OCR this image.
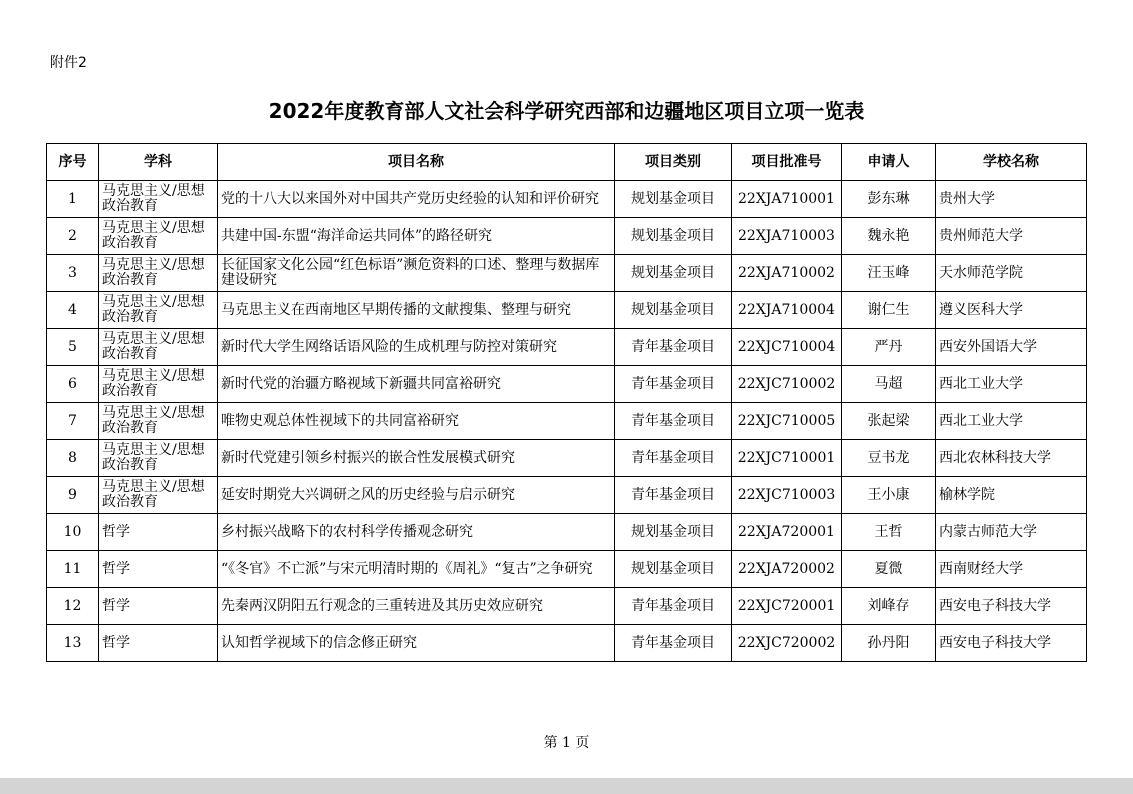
附件2
2022年度教育部人文社会科学研究西部和边疆地区项目立项一览表
序号	学科	项目名称	项目类别	项目批准号	申请人	学校名称
1	马克思主义/思想政治教育	党的十八大以来国外对中国共产党历史经验的认知和评价研究	规划基金项目	22XJA710001	彭东琳	贵州大学
2	马克思主义/思想政治教育	共建中国-东盟“海洋命运共同体”的路径研究	规划基金项目	22XJA710003	魏永艳	贵州师范大学
3	马克思主义/思想政治教育	长征国家文化公园“红色标语”濒危资料的口述、整理与数据库建设研究	规划基金项目	22XJA710002	汪玉峰	天水师范学院
4	马克思主义/思想政治教育	马克思主义在西南地区早期传播的文献搜集、整理与研究	规划基金项目	22XJA710004	谢仁生	遵义医科大学
5	马克思主义/思想政治教育	新时代大学生网络话语风险的生成机理与防控对策研究	青年基金项目	22XJC710004	严丹	西安外国语大学
6	马克思主义/思想政治教育	新时代党的治疆方略视域下新疆共同富裕研究	青年基金项目	22XJC710002	马超	西北工业大学
7	马克思主义/思想政治教育	唯物史观总体性视域下的共同富裕研究	青年基金项目	22XJC710005	张起梁	西北工业大学
8	马克思主义/思想政治教育	新时代党建引领乡村振兴的嵌合性发展模式研究	青年基金项目	22XJC710001	豆书龙	西北农林科技大学
9	马克思主义/思想政治教育	延安时期党大兴调研之风的历史经验与启示研究	青年基金项目	22XJC710003	王小康	榆林学院
10	哲学	乡村振兴战略下的农村科学传播观念研究	规划基金项目	22XJA720001	王哲	内蒙古师范大学
11	哲学	“《冬官》不亡派”与宋元明清时期的《周礼》“复古”之争研究	规划基金项目	22XJA720002	夏微	西南财经大学
12	哲学	先秦两汉阴阳五行观念的三重转进及其历史效应研究	青年基金项目	22XJC720001	刘峰存	西安电子科技大学
13	哲学	认知哲学视域下的信念修正研究	青年基金项目	22XJC720002	孙丹阳	西安电子科技大学
第 1 页
